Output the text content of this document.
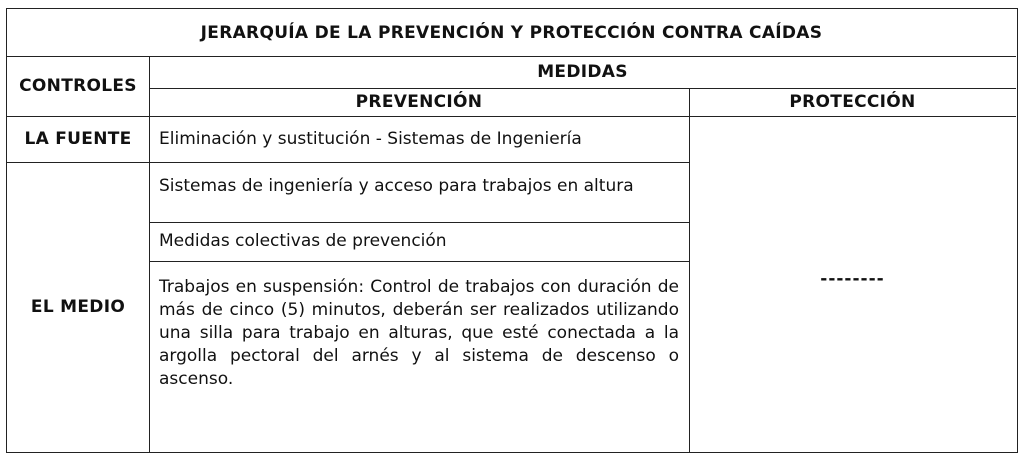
JERARQUÍA DE LA PREVENCIÓN Y PROTECCIÓN CONTRA CAÍDAS
CONTROLES
MEDIDAS
PREVENCIÓN	PROTECCIÓN
LA FUENTE	Eliminación y sustitución - Sistemas de Ingeniería
EL MEDIO
Sistemas de ingeniería y acceso para trabajos en altura
Medidas colectivas de prevención
Trabajos en suspensión: Control de trabajos con duración de más de cinco (5) minutos, deberán ser realizados utilizando una silla para trabajo en alturas, que esté conectada a la argolla pectoral del arnés y al sistema de descenso o ascenso.
--------
